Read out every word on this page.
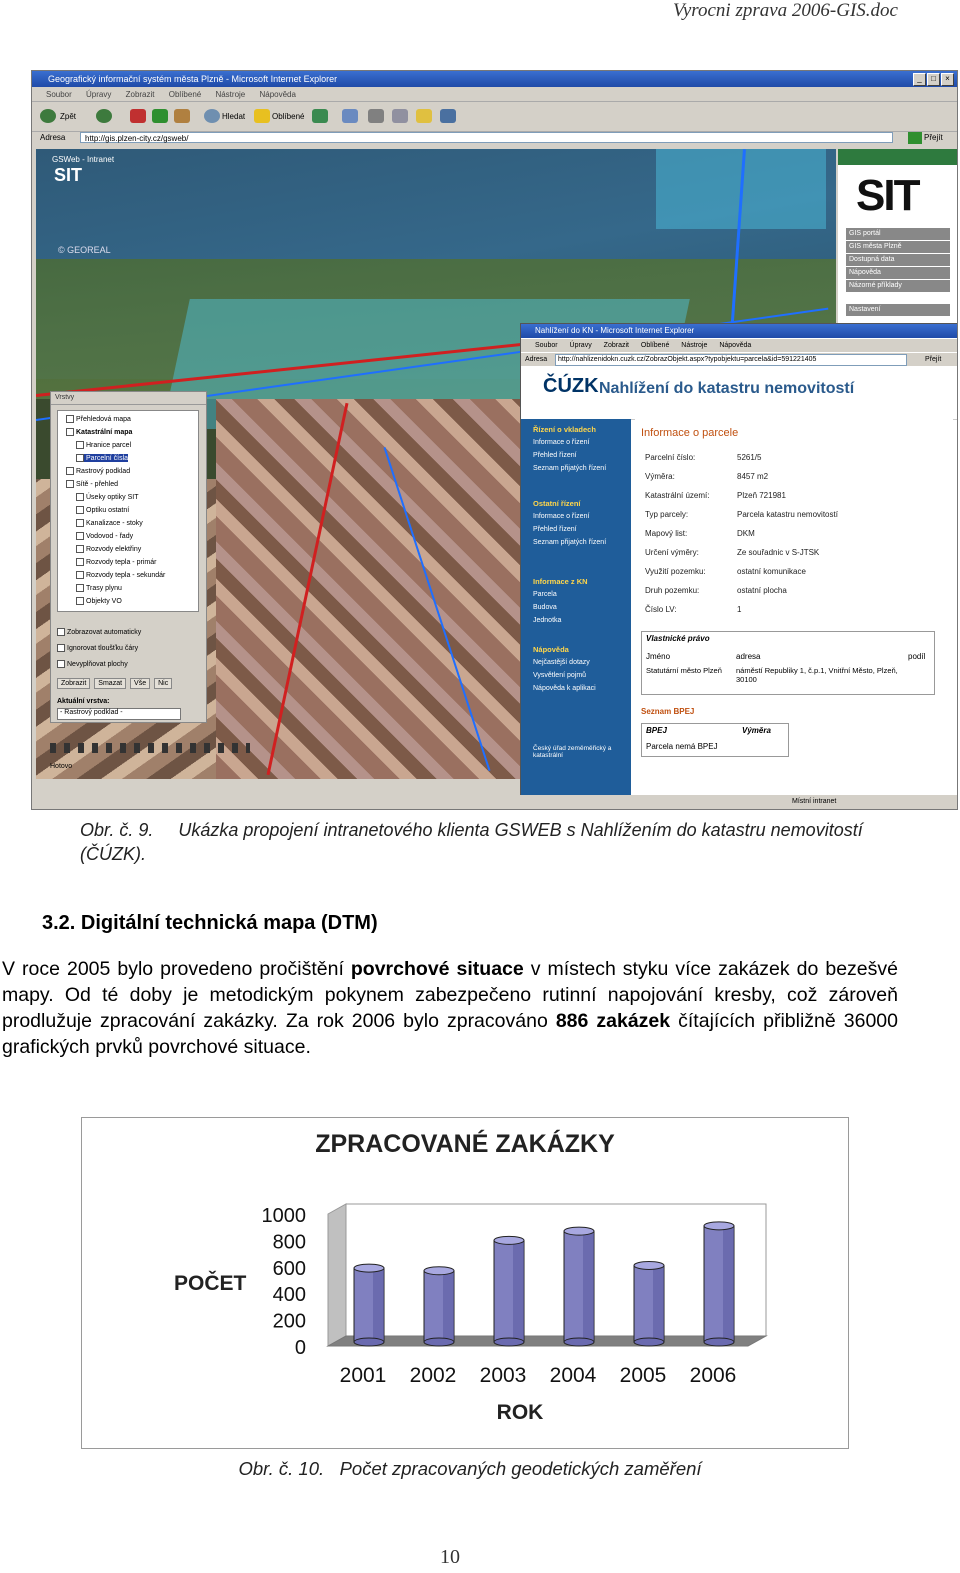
Vyrocni zprava 2006-GIS.doc
Geografický informační systém města Plzně - Microsoft Internet Explorer	_	□	×
Soubor Úpravy Zobrazit Oblíbené Nástroje Nápověda
Zpět	Hledat	Oblíbené
Adresa	http://gis.plzen-city.cz/gsweb/	Přejít
GSWeb - Intranet
SIT
© GEOREAL
Vrstvy
Přehledová mapa
Katastrální mapa
Hranice parcel
Parcelní čísla
Rastrový podklad
Sítě - přehled
Úseky optiky SIT
Optiku ostatní
Kanalizace - stoky
Vodovod - řady
Rozvody elektřiny
Rozvody tepla - primár
Rozvody tepla - sekundár
Trasy plynu
Objekty VO
Zobrazovat automaticky
Ignorovat tloušťku čáry
Nevyplňovat plochy
Zobrazit	Smazat	Vše	Nic
Aktuální vrstva:
- Rastrový podklad -
Hotovo
SIT
GIS portál
GIS města Plzně
Dostupná data
Nápověda
Názorné příklady
Nastavení
Nahlížení do KN - Microsoft Internet Explorer
Soubor Úpravy Zobrazit Oblíbené Nástroje Nápověda
Adresa	http://nahlizenidokn.cuzk.cz/ZobrazObjekt.aspx?typobjektu=parcela&id=591221405	Přejít
ČÚZK Nahlížení do katastru nemovitostí
Řízení o vkladech
Informace o řízení
Přehled řízení
Seznam přijatých řízení
Ostatní řízení
Informace o řízení
Přehled řízení
Seznam přijatých řízení
Informace z KN
Parcela
Budova
Jednotka
Nápověda
Nejčastější dotazy
Vysvětlení pojmů
Nápověda k aplikaci
Český úřad zeměměřický a katastrální
Informace o parcele
Parcelní číslo:	5261/5
Výměra:	8457 m2
Katastrální území:	Plzeň 721981
Typ parcely:	Parcela katastru nemovitostí
Mapový list:	DKM
Určení výměry:	Ze souřadnic v S-JTSK
Využití pozemku:	ostatní komunikace
Druh pozemku:	ostatní plocha
Číslo LV:	1
Vlastnické právo
Jméno	adresa	podíl
Statutární město Plzeň	náměstí Republiky 1, č.p.1, Vnitřní Město, Plzeň, 30100
Seznam BPEJ
BPEJ	Výměra
Parcela nemá BPEJ
Místní intranet
Obr. č. 9. Ukázka propojení intranetového klienta GSWEB s Nahlížením do katastru nemovitostí (ČÚZK).
3.2. Digitální technická mapa (DTM)
V roce 2005 bylo provedeno pročištění povrchové situace v místech styku více zakázek do bezešvé mapy. Od té doby je metodickým pokynem zabezpečeno rutinní napojování kresby, což zároveň prodlužuje zpracování zakázky. Za rok 2006 bylo zpracováno 886 zakázek čítajících přibližně 36000 grafických prvků povrchové situace.
ZPRACOVANÉ ZAKÁZKY
1000
800
600
400
200
0
POČET
2001 2002 2003 2004 2005 2006
ROK
Obr. č. 10. Počet zpracovaných geodetických zaměření
10
